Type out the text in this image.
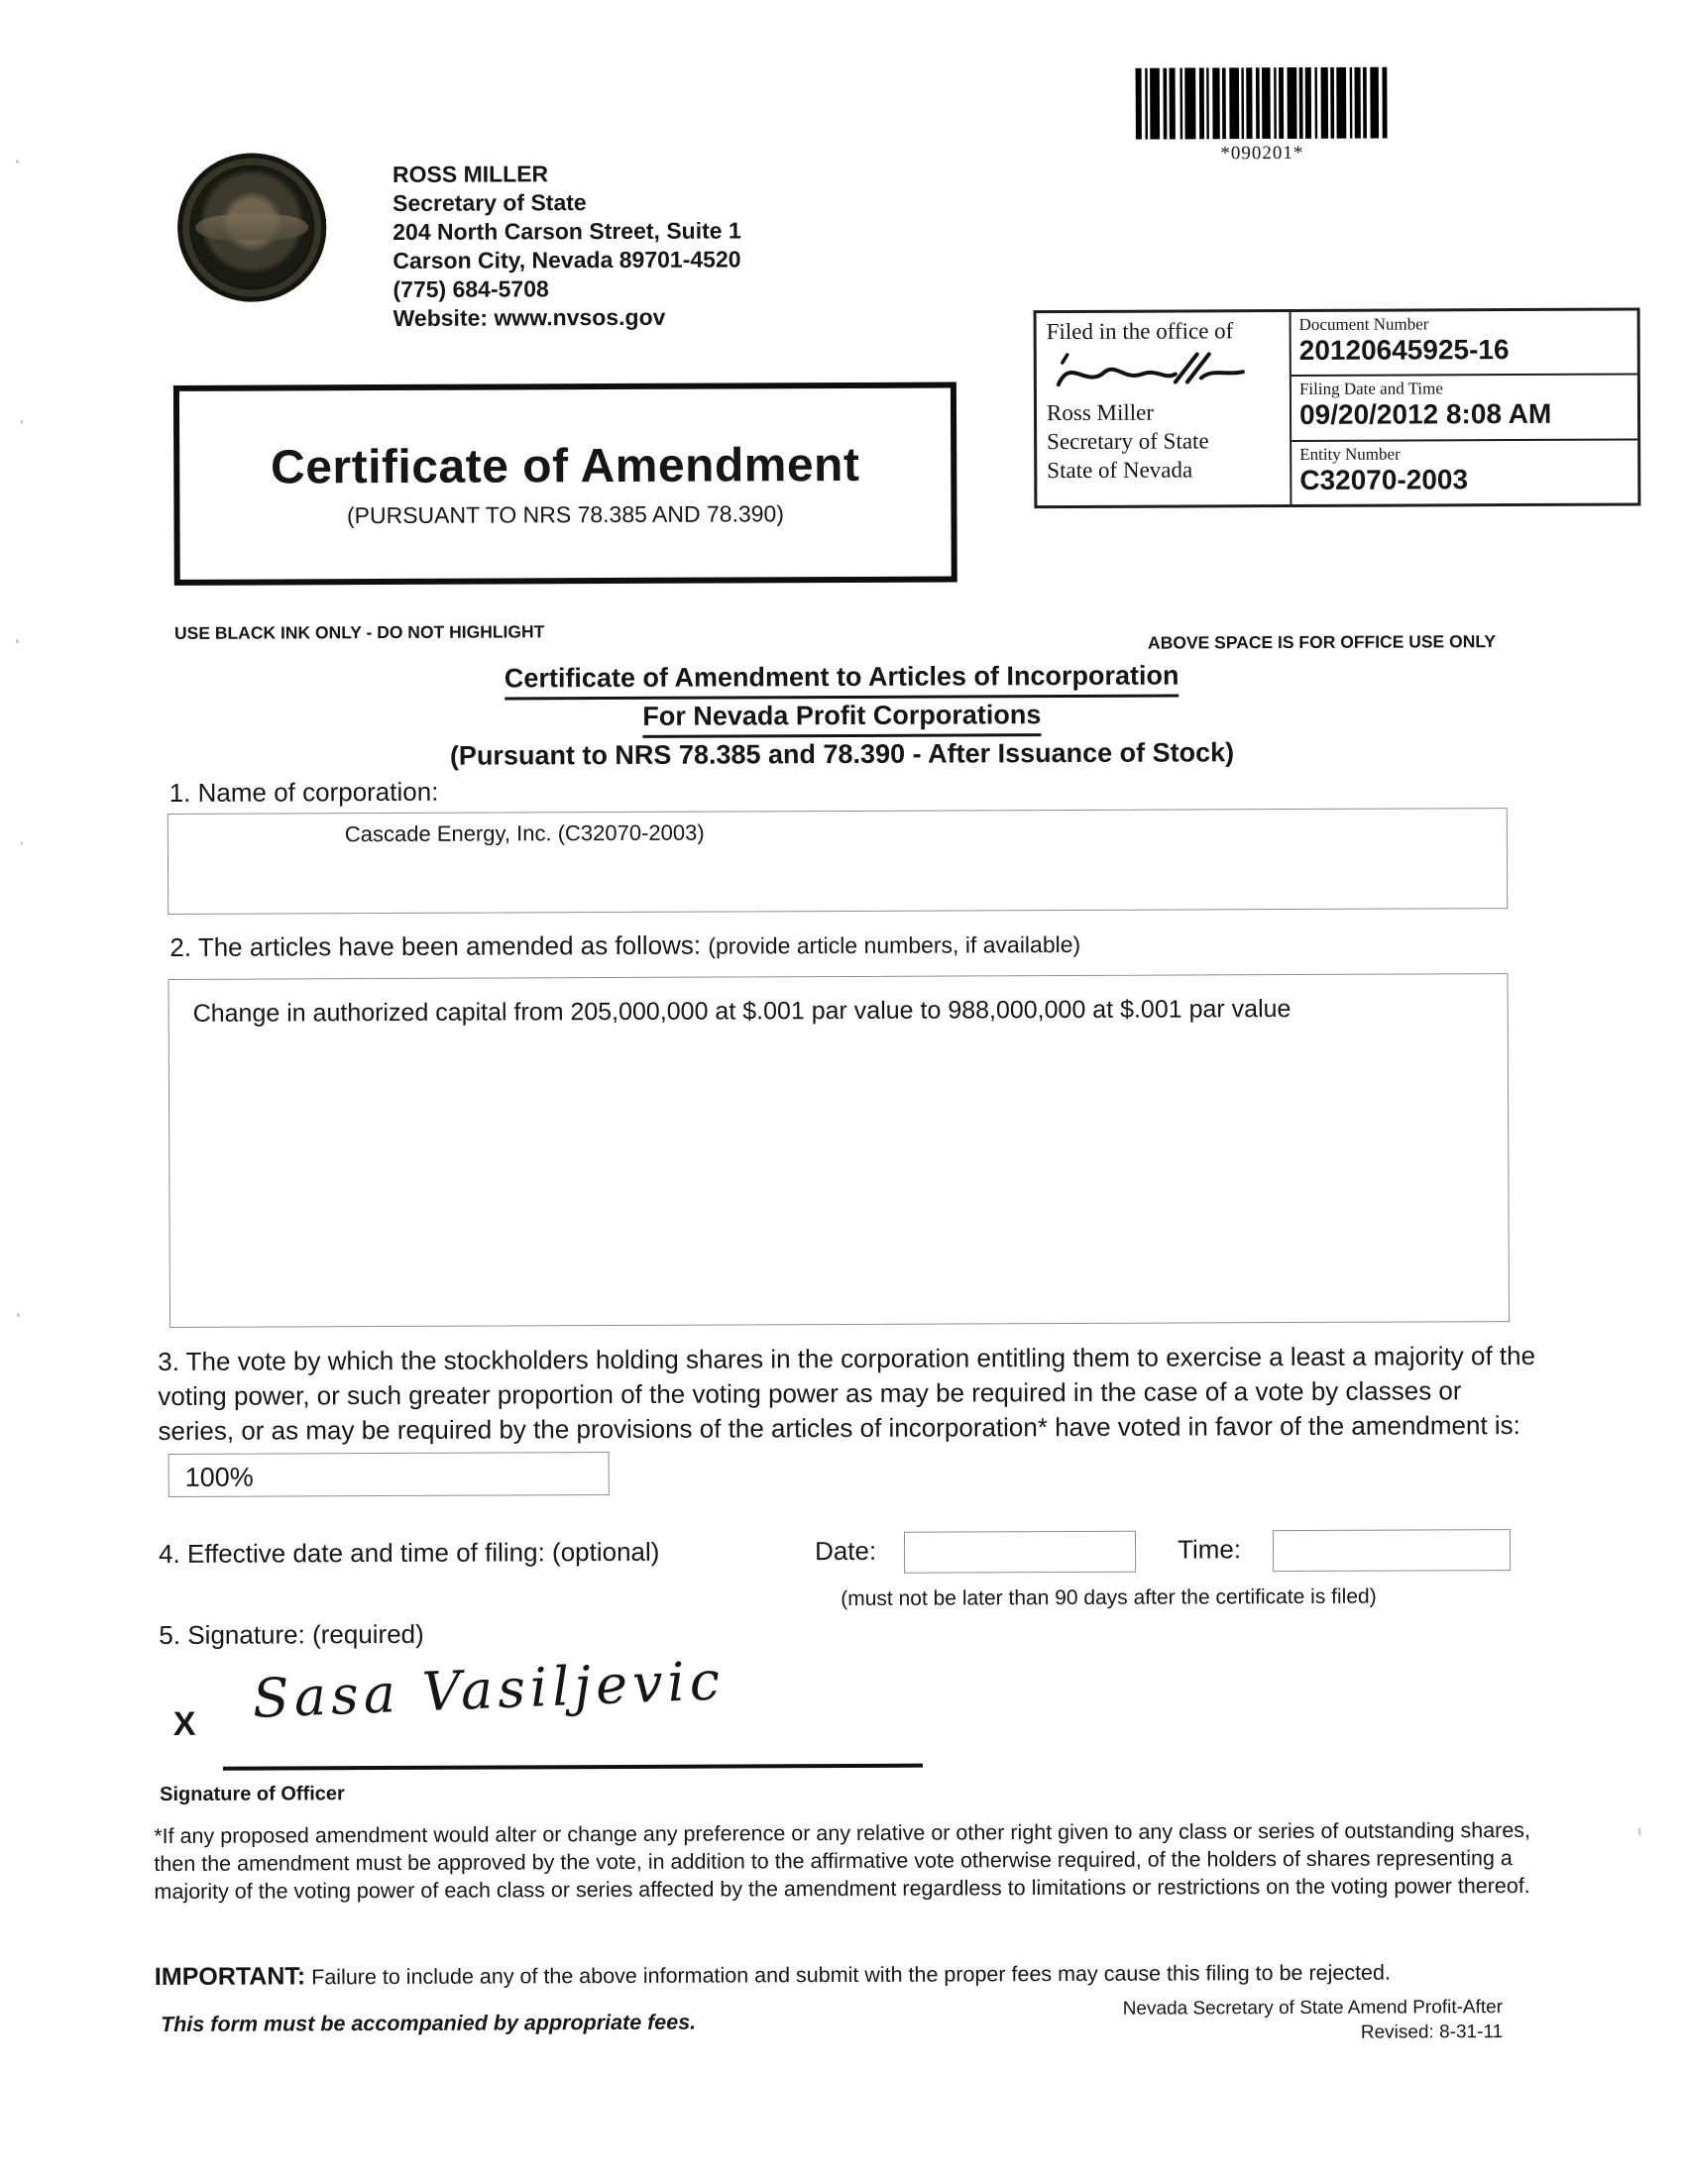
*090201*
ROSS MILLER
Secretary of State
204 North Carson Street, Suite 1
Carson City, Nevada 89701-4520
(775) 684-5708
Website: www.nvsos.gov
Certificate of Amendment
(PURSUANT TO NRS 78.385 AND 78.390)
Filed in the office of
Ross Miller
Secretary of State
State of Nevada
Document Number
20120645925-16
Filing Date and Time
09/20/2012 8:08 AM
Entity Number
C32070-2003
USE BLACK INK ONLY - DO NOT HIGHLIGHT	ABOVE SPACE IS FOR OFFICE USE ONLY
Certificate of Amendment to Articles of Incorporation
For Nevada Profit Corporations
(Pursuant to NRS 78.385 and 78.390 - After Issuance of Stock)
1. Name of corporation:
Cascade Energy, Inc. (C32070-2003)
2. The articles have been amended as follows: (provide article numbers, if available)
Change in authorized capital from 205,000,000 at $.001 par value to 988,000,000 at $.001 par value
3. The vote by which the stockholders holding shares in the corporation entitling them to exercise a least a majority of the voting power, or such greater proportion of the voting power as may be required in the case of a vote by classes or series, or as may be required by the provisions of the articles of incorporation* have voted in favor of the amendment is:100%
4. Effective date and time of filing: (optional)	Date:	Time:
(must not be later than 90 days after the certificate is filed)
5. Signature: (required)
X Sasa Vasiljevic
Signature of Officer
*If any proposed amendment would alter or change any preference or any relative or other right given to any class or series of outstanding shares, then the amendment must be approved by the vote, in addition to the affirmative vote otherwise required, of the holders of shares representing a majority of the voting power of each class or series affected by the amendment regardless to limitations or restrictions on the voting power thereof.
IMPORTANT: Failure to include any of the above information and submit with the proper fees may cause this filing to be rejected.
This form must be accompanied by appropriate fees.
Nevada Secretary of State Amend Profit-After
Revised: 8-31-11
